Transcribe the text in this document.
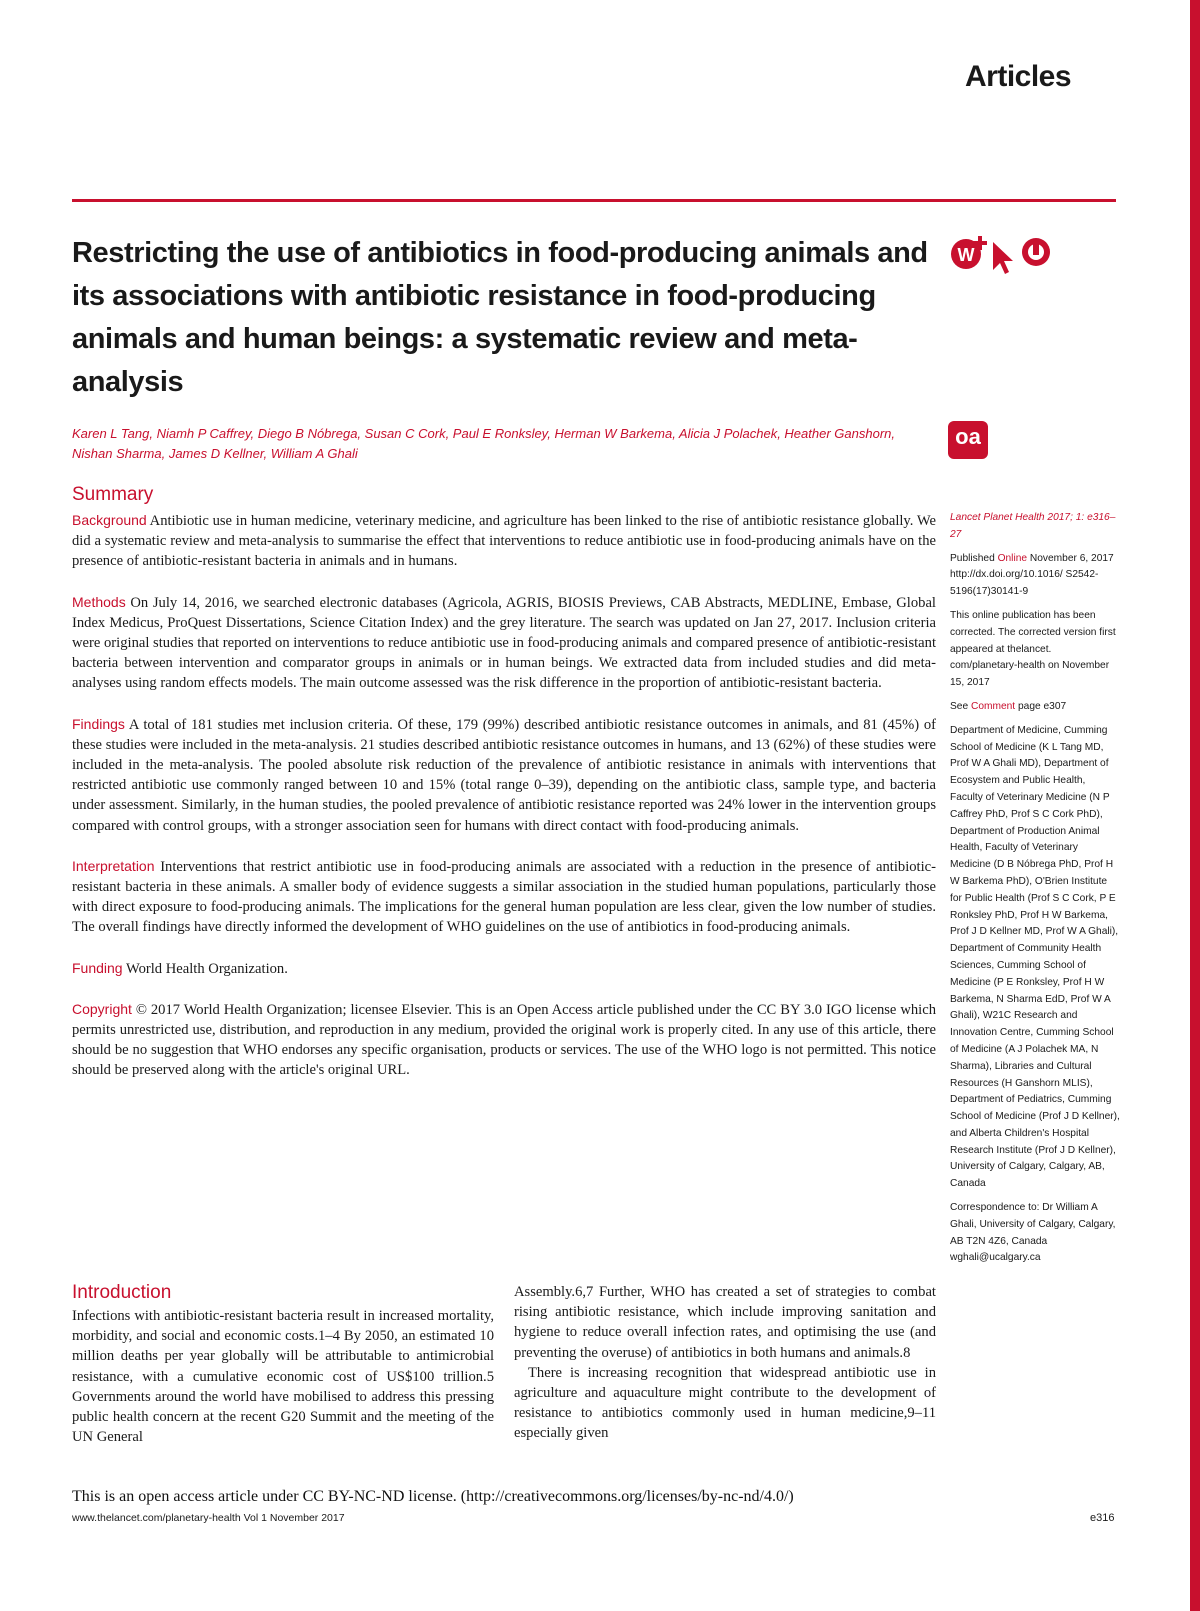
Articles
Restricting the use of antibiotics in food-producing animals and its associations with antibiotic resistance in food-producing animals and human beings: a systematic review and meta-analysis
W
Karen L Tang, Niamh P Caffrey, Diego B Nóbrega, Susan C Cork, Paul E Ronksley, Herman W Barkema, Alicia J Polachek, Heather Ganshorn, Nishan Sharma, James D Kellner, William A Ghali
oa
Summary

Background Antibiotic use in human medicine, veterinary medicine, and agriculture has been linked to the rise of antibiotic resistance globally. We did a systematic review and meta-analysis to summarise the effect that interventions to reduce antibiotic use in food-producing animals have on the presence of antibiotic-resistant bacteria in animals and in humans.

Methods On July 14, 2016, we searched electronic databases (Agricola, AGRIS, BIOSIS Previews, CAB Abstracts, MEDLINE, Embase, Global Index Medicus, ProQuest Dissertations, Science Citation Index) and the grey literature. The search was updated on Jan 27, 2017. Inclusion criteria were original studies that reported on interventions to reduce antibiotic use in food-producing animals and compared presence of antibiotic-resistant bacteria between intervention and comparator groups in animals or in human beings. We extracted data from included studies and did meta-analyses using random effects models. The main outcome assessed was the risk difference in the proportion of antibiotic-resistant bacteria.

Findings A total of 181 studies met inclusion criteria. Of these, 179 (99%) described antibiotic resistance outcomes in animals, and 81 (45%) of these studies were included in the meta-analysis. 21 studies described antibiotic resistance outcomes in humans, and 13 (62%) of these studies were included in the meta-analysis. The pooled absolute risk reduction of the prevalence of antibiotic resistance in animals with interventions that restricted antibiotic use commonly ranged between 10 and 15% (total range 0–39), depending on the antibiotic class, sample type, and bacteria under assessment. Similarly, in the human studies, the pooled prevalence of antibiotic resistance reported was 24% lower in the intervention groups compared with control groups, with a stronger association seen for humans with direct contact with food-producing animals.

Interpretation Interventions that restrict antibiotic use in food-producing animals are associated with a reduction in the presence of antibiotic-resistant bacteria in these animals. A smaller body of evidence suggests a similar association in the studied human populations, particularly those with direct exposure to food-producing animals. The implications for the general human population are less clear, given the low number of studies. The overall findings have directly informed the development of WHO guidelines on the use of antibiotics in food-producing animals.

Funding World Health Organization.

Copyright © 2017 World Health Organization; licensee Elsevier. This is an Open Access article published under the CC BY 3.0 IGO license which permits unrestricted use, distribution, and reproduction in any medium, provided the original work is properly cited. In any use of this article, there should be no suggestion that WHO endorses any specific organisation, products or services. The use of the WHO logo is not permitted. This notice should be preserved along with the article's original URL.

Introduction

Infections with antibiotic-resistant bacteria result in increased mortality, morbidity, and social and economic costs.1–4 By 2050, an estimated 10 million deaths per year globally will be attributable to antimicrobial resistance, with a cumulative economic cost of US$100 trillion.5 Governments around the world have mobilised to address this pressing public health concern at the recent G20 Summit and the meeting of the UN General

Assembly.6,7 Further, WHO has created a set of strategies to combat rising antibiotic resistance, which include improving sanitation and hygiene to reduce overall infection rates, and optimising the use (and preventing the overuse) of antibiotics in both humans and animals.8

There is increasing recognition that widespread antibiotic use in agriculture and aquaculture might contribute to the development of resistance to antibiotics commonly used in human medicine,9–11 especially given

Lancet Planet Health 2017; 1: e316–27

Published Online November 6, 2017 http://dx.doi.org/10.1016/ S2542-5196(17)30141-9

This online publication has been corrected. The corrected version first appeared at thelancet. com/planetary-health on November 15, 2017

See Comment page e307

Department of Medicine, Cumming School of Medicine (K L Tang MD, Prof W A Ghali MD), Department of Ecosystem and Public Health, Faculty of Veterinary Medicine (N P Caffrey PhD, Prof S C Cork PhD), Department of Production Animal Health, Faculty of Veterinary Medicine (D B Nóbrega PhD, Prof H W Barkema PhD), O'Brien Institute for Public Health (Prof S C Cork, P E Ronksley PhD, Prof H W Barkema, Prof J D Kellner MD, Prof W A Ghali), Department of Community Health Sciences, Cumming School of Medicine (P E Ronksley, Prof H W Barkema, N Sharma EdD, Prof W A Ghali), W21C Research and Innovation Centre, Cumming School of Medicine (A J Polachek MA, N Sharma), Libraries and Cultural Resources (H Ganshorn MLIS), Department of Pediatrics, Cumming School of Medicine (Prof J D Kellner), and Alberta Children's Hospital Research Institute (Prof J D Kellner), University of Calgary, Calgary, AB, Canada

Correspondence to: Dr William A Ghali, University of Calgary, Calgary, AB T2N 4Z6, Canada wghali@ucalgary.ca

This is an open access article under CC BY-NC-ND license. (http://creativecommons.org/licenses/by-nc-nd/4.0/)
www.thelancet.com/planetary-health Vol 1 November 2017	e316
